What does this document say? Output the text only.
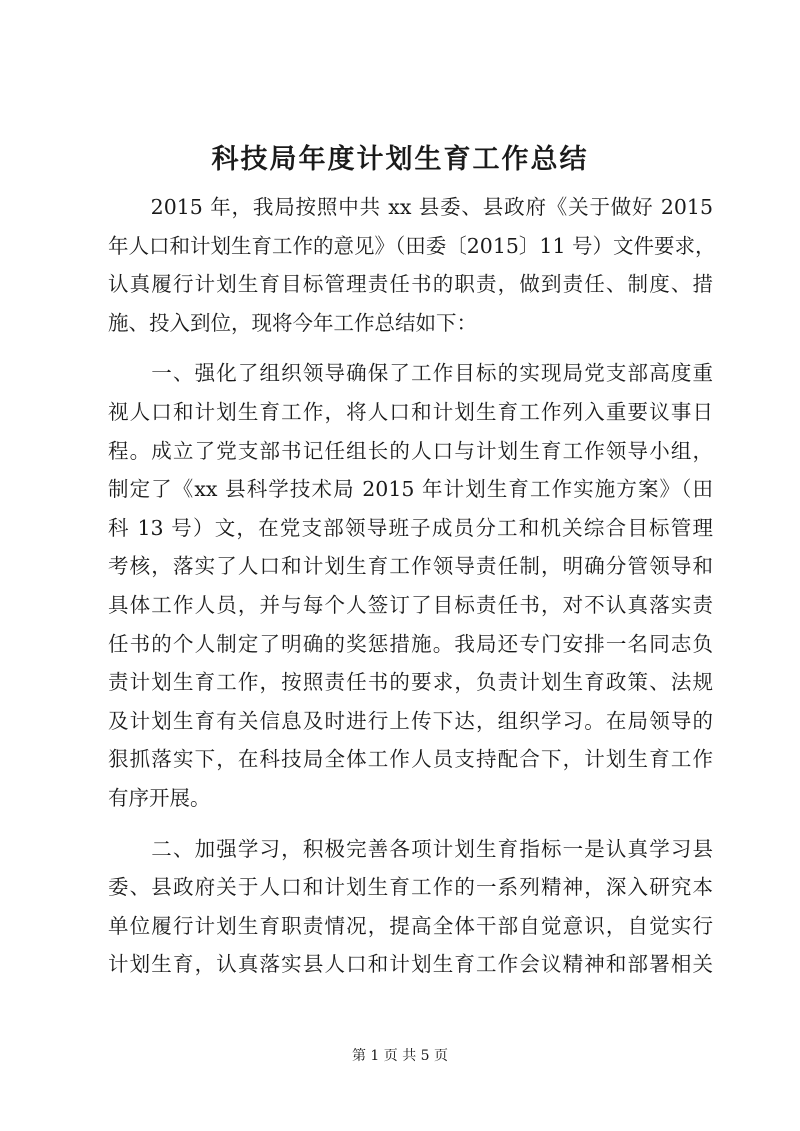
科技局年度计划生育工作总结
　　2015 年，我局按照中共 xx 县委、县政府《关于做好 2015
年人口和计划生育工作的意见》（田委〔2015〕11 号）文件要求，
认真履行计划生育目标管理责任书的职责，做到责任、制度、措
施、投入到位，现将今年工作总结如下：
　　一、强化了组织领导确保了工作目标的实现局党支部高度重
视人口和计划生育工作，将人口和计划生育工作列入重要议事日
程。成立了党支部书记任组长的人口与计划生育工作领导小组，
制定了《xx 县科学技术局 2015 年计划生育工作实施方案》（田
科 13 号）文，在党支部领导班子成员分工和机关综合目标管理
考核，落实了人口和计划生育工作领导责任制，明确分管领导和
具体工作人员，并与每个人签订了目标责任书，对不认真落实责
任书的个人制定了明确的奖惩措施。我局还专门安排一名同志负
责计划生育工作，按照责任书的要求，负责计划生育政策、法规
及计划生育有关信息及时进行上传下达，组织学习。在局领导的
狠抓落实下，在科技局全体工作人员支持配合下，计划生育工作
有序开展。
　　二、加强学习，积极完善各项计划生育指标一是认真学习县
委、县政府关于人口和计划生育工作的一系列精神，深入研究本
单位履行计划生育职责情况，提高全体干部自觉意识，自觉实行
计划生育，认真落实县人口和计划生育工作会议精神和部署相关
第 1 页 共 5 页
